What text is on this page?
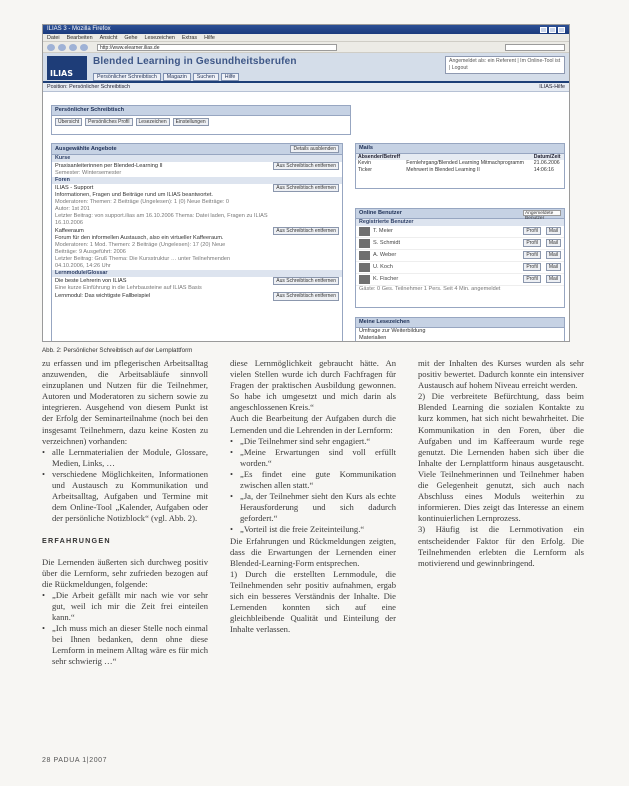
ILIAS 3 - Mozilla Firefox
Datei Bearbeiten Ansicht Gehe Lesezeichen Extras Hilfe
http://www.elearner.ilias.de
ILIAS
Blended Learning in Gesundheitsberufen
Persönlicher Schreibtisch	Magazin	Suchen	Hilfe
Angemeldet als: ein Referent | Im Online-Tool ist | Logout
Position: Persönlicher Schreibtisch	ILIAS-Hilfe
Persönlicher Schreibtisch
Übersicht	Persönliches Profil	Lesezeichen	Einstellungen
Ausgewählte Angebote	Details ausblenden
Kurse
Praxisanleiterinnen per Blended-Learning II	Aus Schreibtisch entfernen
Semester: Wintersemester
Foren
ILIAS - Support	Aus Schreibtisch entfernen
Informationen, Fragen und Beiträge rund um ILIAS beantwortet.
Moderatoren: Themen: 2 Beiträge (Ungelesen): 1 (0) Neue Beiträge: 0
Autor: 1st 201
Letzter Beitrag: von support.ilias am 16.10.2006 Thema: Datei laden, Fragen zu ILIAS
16.10.2006
Kaffeeraum	Aus Schreibtisch entfernen
Forum für den informellen Austausch, also ein virtueller Kaffeeraum.
Moderatoren: 1 Mod. Themen: 2 Beiträge (Ungelesen): 17 (20) Neue
Beiträge: 9 Ausgeführt: 2006
Letzter Beitrag: Gruß Thema: Die Kursstruktur … unter Teilnehmenden
04.10.2006, 14:26 Uhr
Lernmodule/Glossar
Die beste Lehrerin von ILIAS	Aus Schreibtisch entfernen
Eine kurze Einführung in die Lehrbausteine auf ILIAS Basis
Lernmodul: Das wichtigste Fallbeispiel	Aus Schreibtisch entfernen
Mails
Absender/Betreff		Datum/Zeit
Kevin	Fernlehrgang/Blended Learning Mitmachprogramm	21.06.2006
Ticker	Mehrwert in Blended Learning II	14:06:16
Online Benutzer	Angemeldete Benutzer
Registrierte Benutzer
T. Meier	Profil	Mail
S. Schmidt	Profil	Mail
A. Weber	Profil	Mail
U. Koch	Profil	Mail
K. Fischer	Profil	Mail
Gäste: 0 Ges. Teilnehmer 1 Pers. Seit 4 Min. angemeldet
Meine Lesezeichen
Umfrage zur Weiterbildung
Materialien
Abb. 2: Persönlicher Schreibtisch auf der Lernplattform

zu erfassen und im pflegerischen Arbeitsalltag anzuwenden, die Arbeitsabläufe sinnvoll einzuplanen und Nutzen für die Teilnehmer, Autoren und Moderatoren zu sichern sowie zu integrieren. Ausgehend von diesem Punkt ist der Erfolg der Seminarteilnahme (noch bei den insgesamt Teilnehmern, dazu keine Kosten zu verzeichnen) vorhanden:

• alle Lernmaterialien der Module, Glossare, Medien, Links, …
• verschiedene Möglichkeiten, Informationen und Austausch zu Kommunikation und Arbeitsalltag, Aufgaben und Termine mit dem Online-Tool „Kalender, Aufgaben oder der persönliche Notizblock“ (vgl. Abb. 2).
ERFAHRUNGEN

Die Lernenden äußerten sich durchweg positiv über die Lernform, sehr zufrieden bezogen auf die Rückmeldungen, folgende:

• „Die Arbeit gefällt mir nach wie vor sehr gut, weil ich mir die Zeit frei einteilen kann.“
• „Ich muss mich an dieser Stelle noch einmal bei Ihnen bedanken, denn ohne diese Lernform in meinem Alltag wäre es für mich sehr schwierig …“

diese Lernmöglichkeit gebraucht hätte. An vielen Stellen wurde ich durch Fachfragen für Fragen der praktischen Ausbildung gewonnen. So habe ich umgesetzt und mich darin als angeschlossenen Kreis.“

Auch die Bearbeitung der Aufgaben durch die Lernenden und die Lehrenden in der Lernform:

• „Die Teilnehmer sind sehr engagiert.“
• „Meine Erwartungen sind voll erfüllt worden.“
• „Es findet eine gute Kommunikation zwischen allen statt.“
• „Ja, der Teilnehmer sieht den Kurs als echte Herausforderung und sich dadurch gefordert.“
• „Vorteil ist die freie Zeiteinteilung.“

Die Erfahrungen und Rückmeldungen zeigten, dass die Erwartungen der Lernenden einer Blended-Learning-Form entsprechen.

1) Durch die erstellten Lernmodule, die Teilnehmenden sehr positiv aufnahmen, ergab sich ein besseres Verständnis der Inhalte. Die Lernenden konnten sich auf eine gleichbleibende Qualität und Einteilung der Inhalte verlassen.

mit der Inhalten des Kurses wurden als sehr positiv bewertet. Dadurch konnte ein intensiver Austausch auf hohem Niveau erreicht werden.

2) Die verbreitete Befürchtung, dass beim Blended Learning die sozialen Kontakte zu kurz kommen, hat sich nicht bewahrheitet. Die Kommunikation in den Foren, über die Aufgaben und im Kaffeeraum wurde rege genutzt. Die Lernenden haben sich über die Inhalte der Lernplattform hinaus ausgetauscht. Viele Teilnehmerinnen und Teilnehmer haben die Gelegenheit genutzt, sich auch nach Abschluss eines Moduls weiterhin zu informieren. Dies zeigt das Interesse an einem kontinuierlichen Lernprozess.

3) Häufig ist die Lernmotivation ein entscheidender Faktor für den Erfolg. Die Teilnehmenden erlebten die Lernform als motivierend und gewinnbringend.

28 PADUA 1|2007
